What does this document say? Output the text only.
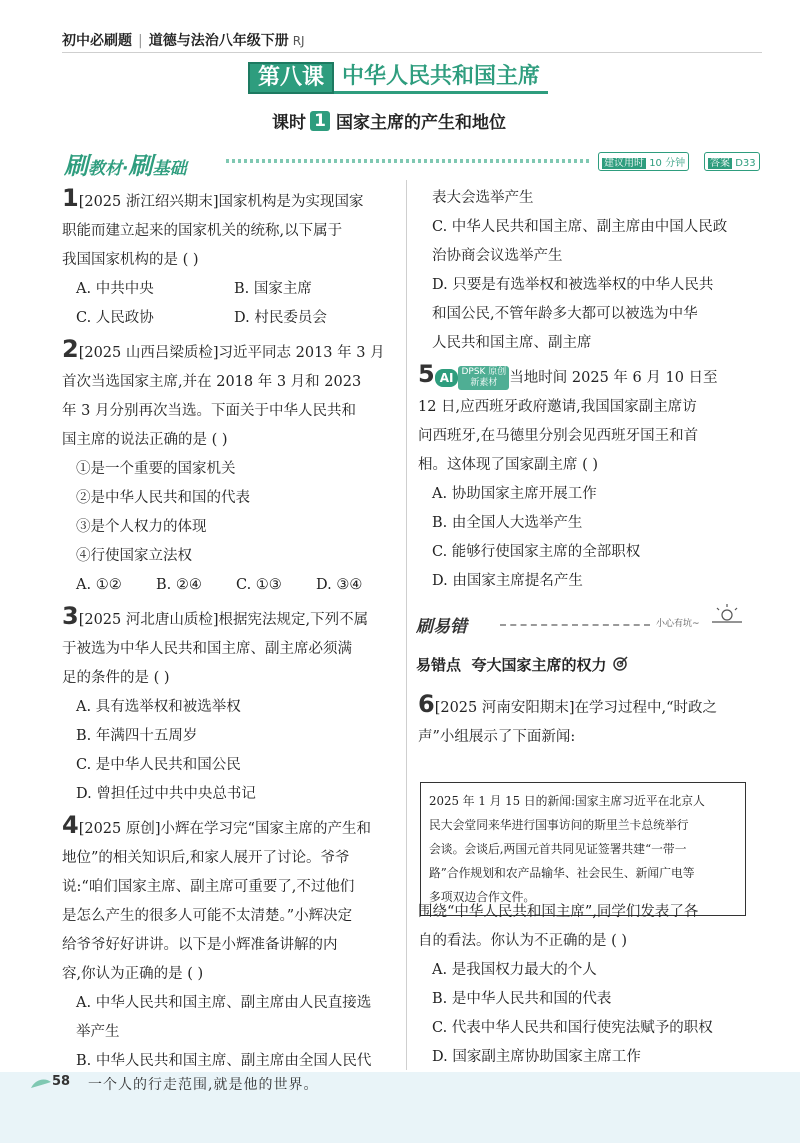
初中必刷题 | 道德与法治八年级下册 RJ
第八课 中华人民共和国主席
课时 1 国家主席的产生和地位
刷教材·刷基础	建议用时 10 分钟	答案 D33
1[2025 浙江绍兴期末]国家机构是为实现国家
职能而建立起来的国家机关的统称,以下属于
我国国家机构的是 ( )
A. 中共中央	B. 国家主席
C. 人民政协	D. 村民委员会
2[2025 山西吕梁质检]习近平同志 2013 年 3 月
首次当选国家主席,并在 2018 年 3 月和 2023
年 3 月分别再次当选。下面关于中华人民共和
国主席的说法正确的是 ( )
①是一个重要的国家机关
②是中华人民共和国的代表
③是个人权力的体现
④行使国家立法权
A. ①② B. ②④ C. ①③ D. ③④
3[2025 河北唐山质检]根据宪法规定,下列不属
于被选为中华人民共和国主席、副主席必须满
足的条件的是 ( )
A. 具有选举权和被选举权
B. 年满四十五周岁
C. 是中华人民共和国公民
D. 曾担任过中共中央总书记
4[2025 原创]小辉在学习完“国家主席的产生和
地位”的相关知识后,和家人展开了讨论。爷爷
说:“咱们国家主席、副主席可重要了,不过他们
是怎么产生的很多人可能不太清楚。”小辉决定
给爷爷好好讲讲。以下是小辉准备讲解的内
容,你认为正确的是 ( )
A. 中华人民共和国主席、副主席由人民直接选
举产生
B. 中华人民共和国主席、副主席由全国人民代
表大会选举产生
C. 中华人民共和国主席、副主席由中国人民政
治协商会议选举产生
D. 只要是有选举权和被选举权的中华人民共
和国公民,不管年龄多大都可以被选为中华
人民共和国主席、副主席
5 AI DPSK 原创
新素材 当地时间 2025 年 6 月 10 日至
12 日,应西班牙政府邀请,我国国家副主席访
问西班牙,在马德里分别会见西班牙国王和首
相。这体现了国家副主席 ( )
A. 协助国家主席开展工作
B. 由全国人大选举产生
C. 能够行使国家主席的全部职权
D. 由国家主席提名产生
刷易错	小心有坑~
易错点 夸大国家主席的权力
6[2025 河南安阳期末]在学习过程中,“时政之
声”小组展示了下面新闻:
2025 年 1 月 15 日的新闻:国家主席习近平在北京人
民大会堂同来华进行国事访问的斯里兰卡总统举行
会谈。会谈后,两国元首共同见证签署共建“一带一
路”合作规划和农产品输华、社会民生、新闻广电等
多项双边合作文件。
围绕“中华人民共和国主席”,同学们发表了各
自的看法。你认为不正确的是 ( )
A. 是我国权力最大的个人
B. 是中华人民共和国的代表
C. 代表中华人民共和国行使宪法赋予的职权
D. 国家副主席协助国家主席工作
58 一个人的行走范围,就是他的世界。
